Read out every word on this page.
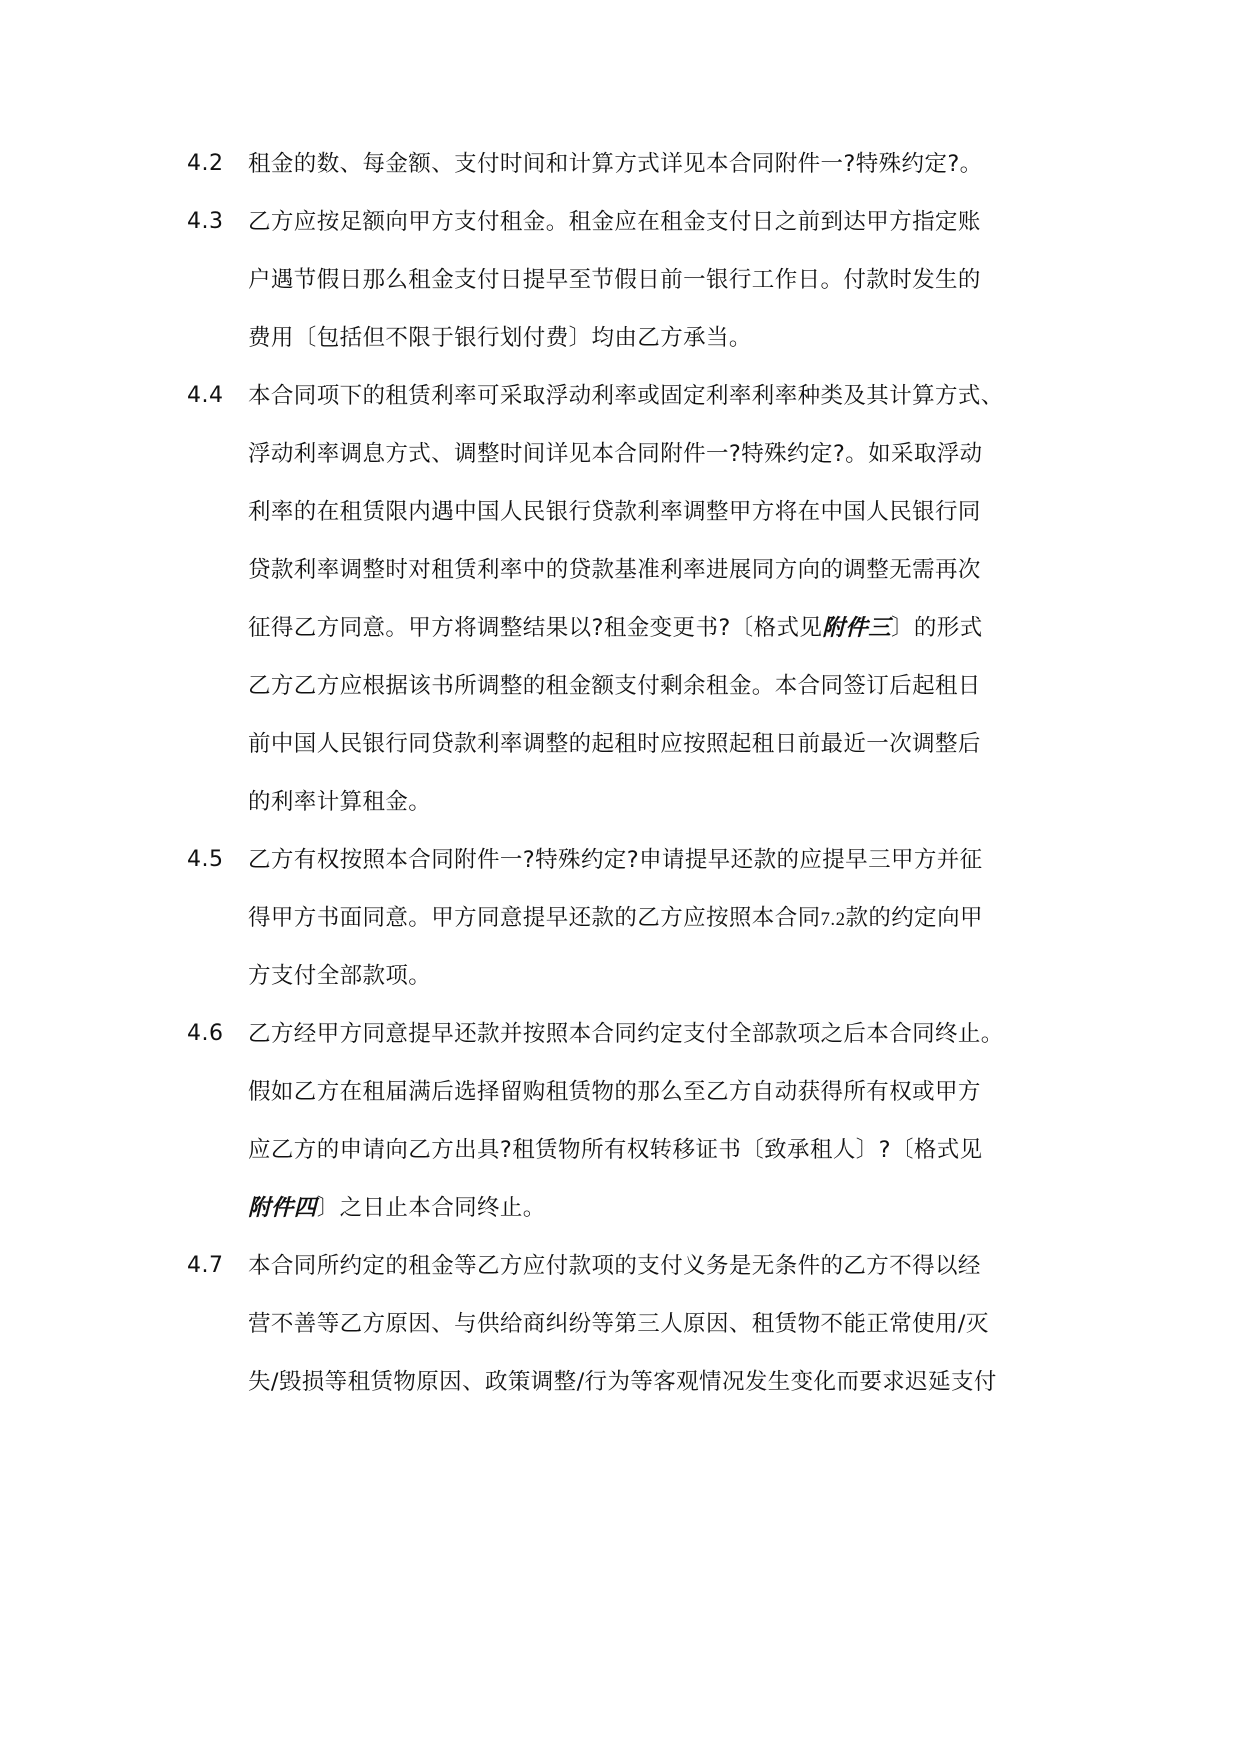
4.2 租金的数、每金额、支付时间和计算方式详见本合同附件一?特殊约定?。
4.3 乙方应按足额向甲方支付租金。租金应在租金支付日之前到达甲方指定账
户遇节假日那么租金支付日提早至节假日前一银行工作日。付款时发生的
费用〔包括但不限于银行划付费〕均由乙方承当。
4.4 本合同项下的租赁利率可采取浮动利率或固定利率利率种类及其计算方式、
浮动利率调息方式、调整时间详见本合同附件一?特殊约定?。如采取浮动
利率的在租赁限内遇中国人民银行贷款利率调整甲方将在中国人民银行同
贷款利率调整时对租赁利率中的贷款基准利率进展同方向的调整无需再次
征得乙方同意。甲方将调整结果以?租金变更书?〔格式见附件三〕的形式
乙方乙方应根据该书所调整的租金额支付剩余租金。本合同签订后起租日
前中国人民银行同贷款利率调整的起租时应按照起租日前最近一次调整后
的利率计算租金。
4.5 乙方有权按照本合同附件一?特殊约定?申请提早还款的应提早三甲方并征
得甲方书面同意。甲方同意提早还款的乙方应按照本合同7.2款的约定向甲
方支付全部款项。
4.6 乙方经甲方同意提早还款并按照本合同约定支付全部款项之后本合同终止。
假如乙方在租届满后选择留购租赁物的那么至乙方自动获得所有权或甲方
应乙方的申请向乙方出具?租赁物所有权转移证书〔致承租人〕?〔格式见
附件四〕之日止本合同终止。
4.7 本合同所约定的租金等乙方应付款项的支付义务是无条件的乙方不得以经
营不善等乙方原因、与供给商纠纷等第三人原因、租赁物不能正常使用/灭
失/毁损等租赁物原因、政策调整/行为等客观情况发生变化而要求迟延支付
